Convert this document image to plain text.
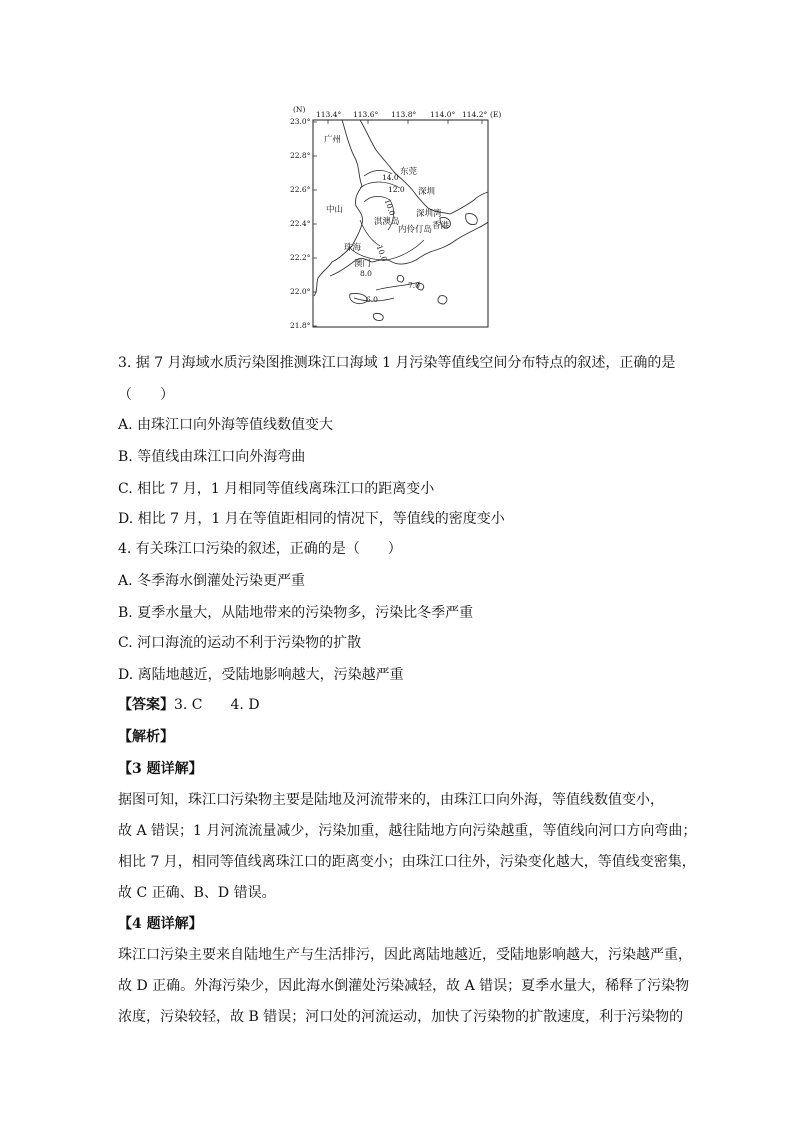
(N)
(E)
113.4° 113.6° 113.8° 114.0° 114.2°
23.0°
22.8°
22.6°
22.4°
22.2°
22.0°
21.8°
14.0
12.0
10.0
10.0
8.0
7.0
6.0
广州
东莞
深圳
中山
淇澳岛
深圳湾
内伶仃岛 香港
珠海
澳门
3. 据 7 月海域水质污染图推测珠江口海域 1 月污染等值线空间分布特点的叙述，正确的是
（　　）
A. 由珠江口向外海等值线数值变大
B. 等值线由珠江口向外海弯曲
C. 相比 7 月，1 月相同等值线离珠江口的距离变小
D. 相比 7 月，1 月在等值距相同的情况下，等值线的密度变小
4. 有关珠江口污染的叙述，正确的是（　　）
A. 冬季海水倒灌处污染更严重
B. 夏季水量大，从陆地带来的污染物多，污染比冬季严重
C. 河口海流的运动不利于污染物的扩散
D. 离陆地越近，受陆地影响越大，污染越严重
【答案】3. C　　4. D
【解析】
【3 题详解】
据图可知，珠江口污染物主要是陆地及河流带来的，由珠江口向外海，等值线数值变小，
故 A 错误；1 月河流流量减少，污染加重，越往陆地方向污染越重，等值线向河口方向弯曲；
相比 7 月，相同等值线离珠江口的距离变小；由珠江口往外，污染变化越大，等值线变密集，
故 C 正确、B、D 错误。
【4 题详解】
珠江口污染主要来自陆地生产与生活排污，因此离陆地越近，受陆地影响越大，污染越严重，
故 D 正确。外海污染少，因此海水倒灌处污染减轻，故 A 错误；夏季水量大，稀释了污染物
浓度，污染较轻，故 B 错误；河口处的河流运动，加快了污染物的扩散速度，利于污染物的
